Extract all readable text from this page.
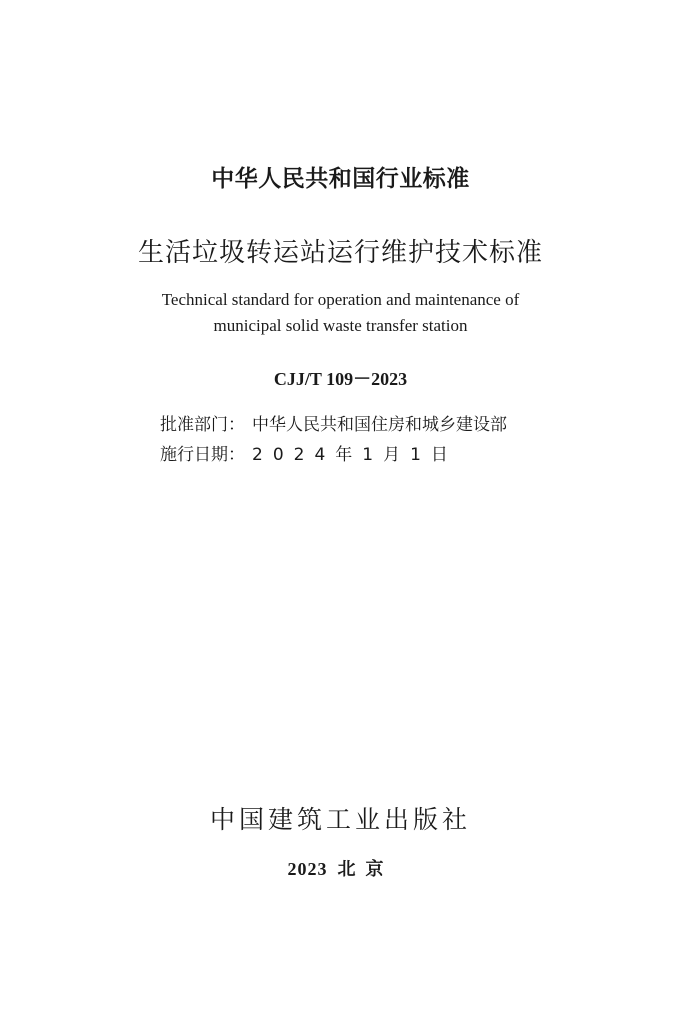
中华人民共和国行业标准
生活垃圾转运站运行维护技术标准
Technical standard for operation and maintenance of
municipal solid waste transfer station
CJJ/T 109－2023
批准部门： 中华人民共和国住房和城乡建设部
施行日期： 2024年1月1日
中国建筑工业出版社
2023 北京
